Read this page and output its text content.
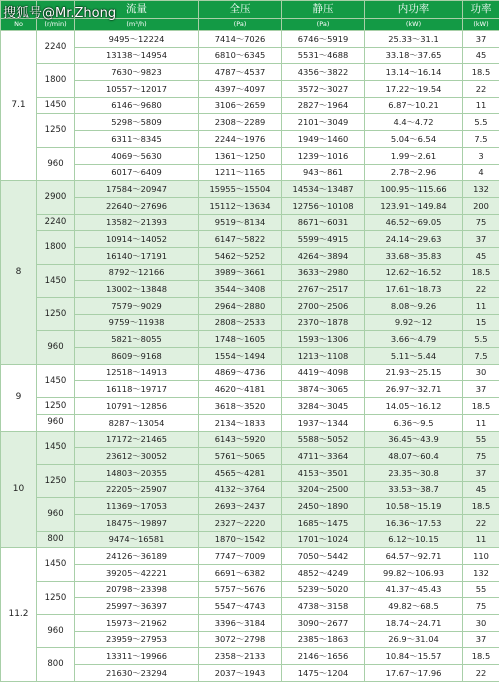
搜狐号@Mr.Zhong
		流量	全压	静压	内功率	功率
No	(r/min)	(m³/h)	(Pa)	(Pa)	(kW)	(kW)
7.1	2240	9495～12224	7414～7026	6746～5919	25.33～31.1	37
		13138～14954	6810～6345	5531～4688	33.18～37.65	45
	1800	7630～9823	4787～4537	4356～3822	13.14～16.14	18.5
		10557～12017	4397～4097	3572～3027	17.22～19.54	22
	1450	6146～9680	3106～2659	2827～1964	6.87～10.21	11
	1250	5298～5809	2308～2289	2101～3049	4.4～4.72	5.5
		6311～8345	2244～1976	1949～1460	5.04～6.54	7.5
	960	4069～5630	1361～1250	1239～1016	1.99～2.61	3
		6017～6409	1211～1165	943～861	2.78～2.96	4
8	2900	17584～20947	15955～15504	14534～13487	100.95～115.66	132
		22640～27696	15112～13634	12756～10108	123.91～149.84	200
	2240	13582～21393	9519～8134	8671～6031	46.52～69.05	75
	1800	10914～14052	6147～5822	5599～4915	24.14～29.63	37
		16140～17191	5462～5252	4264～3894	33.68～35.83	45
	1450	8792～12166	3989～3661	3633～2980	12.62～16.52	18.5
		13002～13848	3544～3408	2767～2517	17.61～18.73	22
	1250	7579～9029	2964～2880	2700～2506	8.08～9.26	11
		9759～11938	2808～2533	2370～1878	9.92～12	15
	960	5821～8055	1748～1605	1593～1306	3.66～4.79	5.5
		8609～9168	1554～1494	1213～1108	5.11～5.44	7.5
9	1450	12518～14913	4869～4736	4419～4098	21.93～25.15	30
		16118～19717	4620～4181	3874～3065	26.97～32.71	37
	1250	10791～12856	3618～3520	3284～3045	14.05～16.12	18.5
	960	8287～13054	2134～1833	1937～1344	6.36～9.5	11
10	1450	17172～21465	6143～5920	5588～5052	36.45～43.9	55
		23612～30052	5761～5065	4711～3364	48.07～60.4	75
	1250	14803～20355	4565～4281	4153～3501	23.35～30.8	37
		22205～25907	4132～3764	3204～2500	33.53～38.7	45
	960	11369～17053	2693～2437	2450～1890	10.58～15.19	18.5
		18475～19897	2327～2220	1685～1475	16.36～17.53	22
	800	9474～16581	1870～1542	1701～1024	6.12～10.15	11
11.2	1450	24126～36189	7747～7009	7050～5442	64.57～92.71	110
		39205～42221	6691～6382	4852～4249	99.82～106.93	132
	1250	20798～23398	5757～5676	5239～5020	41.37～45.43	55
		25997～36397	5547～4743	4738～3158	49.82～68.5	75
	960	15973～21962	3396～3184	3090～2677	18.74～24.71	30
		23959～27953	3072～2798	2385～1863	26.9～31.04	37
	800	13311～19966	2358～2133	2146～1656	10.84～15.57	18.5
		21630～23294	2037～1943	1475～1204	17.67～17.96	22
